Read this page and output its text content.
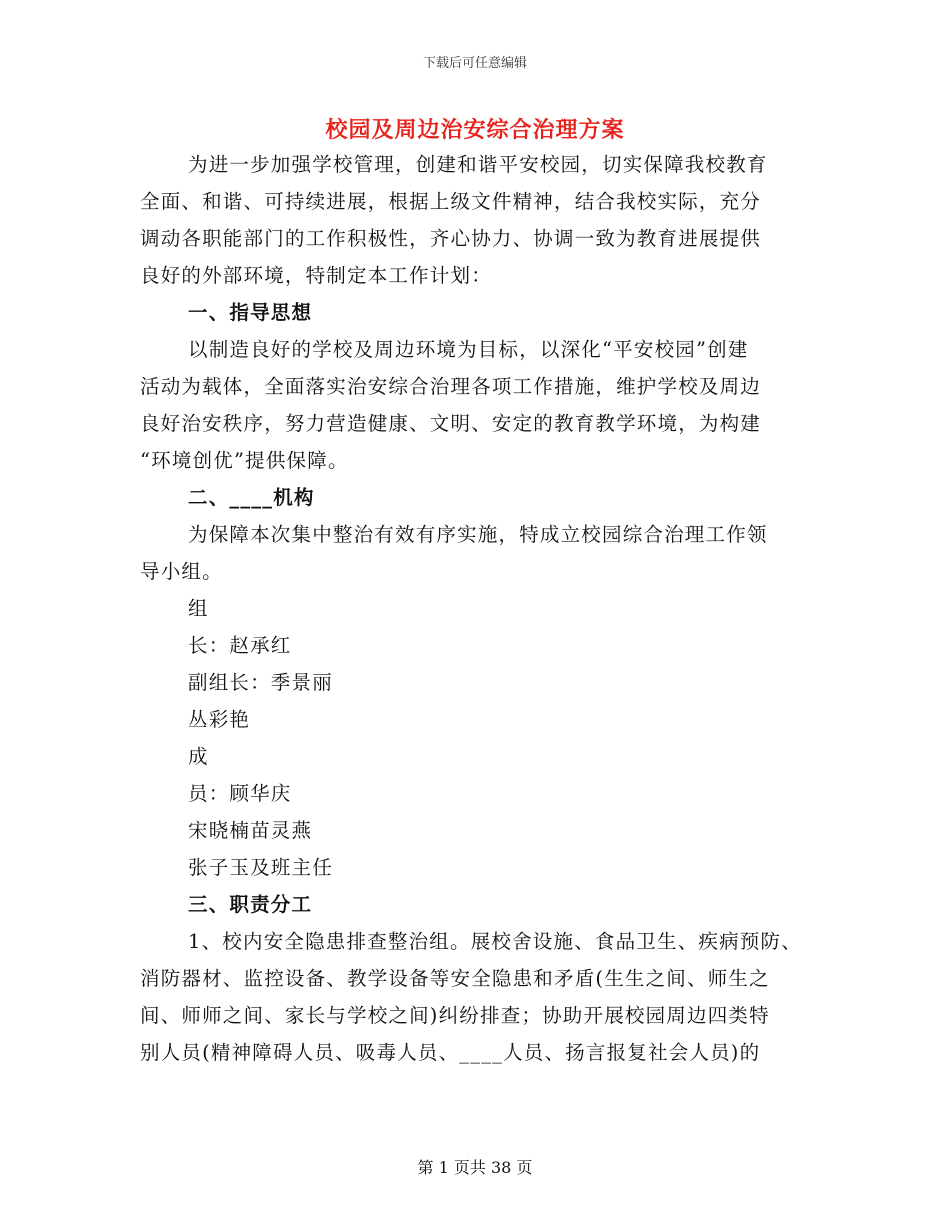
下载后可任意编辑
校园及周边治安综合治理方案
为进一步加强学校管理，创建和谐平安校园，切实保障我校教育
全面、和谐、可持续进展，根据上级文件精神，结合我校实际，充分
调动各职能部门的工作积极性，齐心协力、协调一致为教育进展提供
良好的外部环境，特制定本工作计划：
一、指导思想
以制造良好的学校及周边环境为目标，以深化“平安校园”创建
活动为载体，全面落实治安综合治理各项工作措施，维护学校及周边
良好治安秩序，努力营造健康、文明、安定的教育教学环境，为构建
“环境创优”提供保障。
二、____机构
为保障本次集中整治有效有序实施，特成立校园综合治理工作领
导小组。
组
长：赵承红
副组长：季景丽
丛彩艳
成
员：顾华庆
宋晓楠苗灵燕
张子玉及班主任
三、职责分工
1、校内安全隐患排查整治组。展校舍设施、食品卫生、疾病预防、
消防器材、监控设备、教学设备等安全隐患和矛盾(生生之间、师生之
间、师师之间、家长与学校之间)纠纷排查；协助开展校园周边四类特
别人员(精神障碍人员、吸毒人员、____人员、扬言报复社会人员)的
第 1 页共 38 页
